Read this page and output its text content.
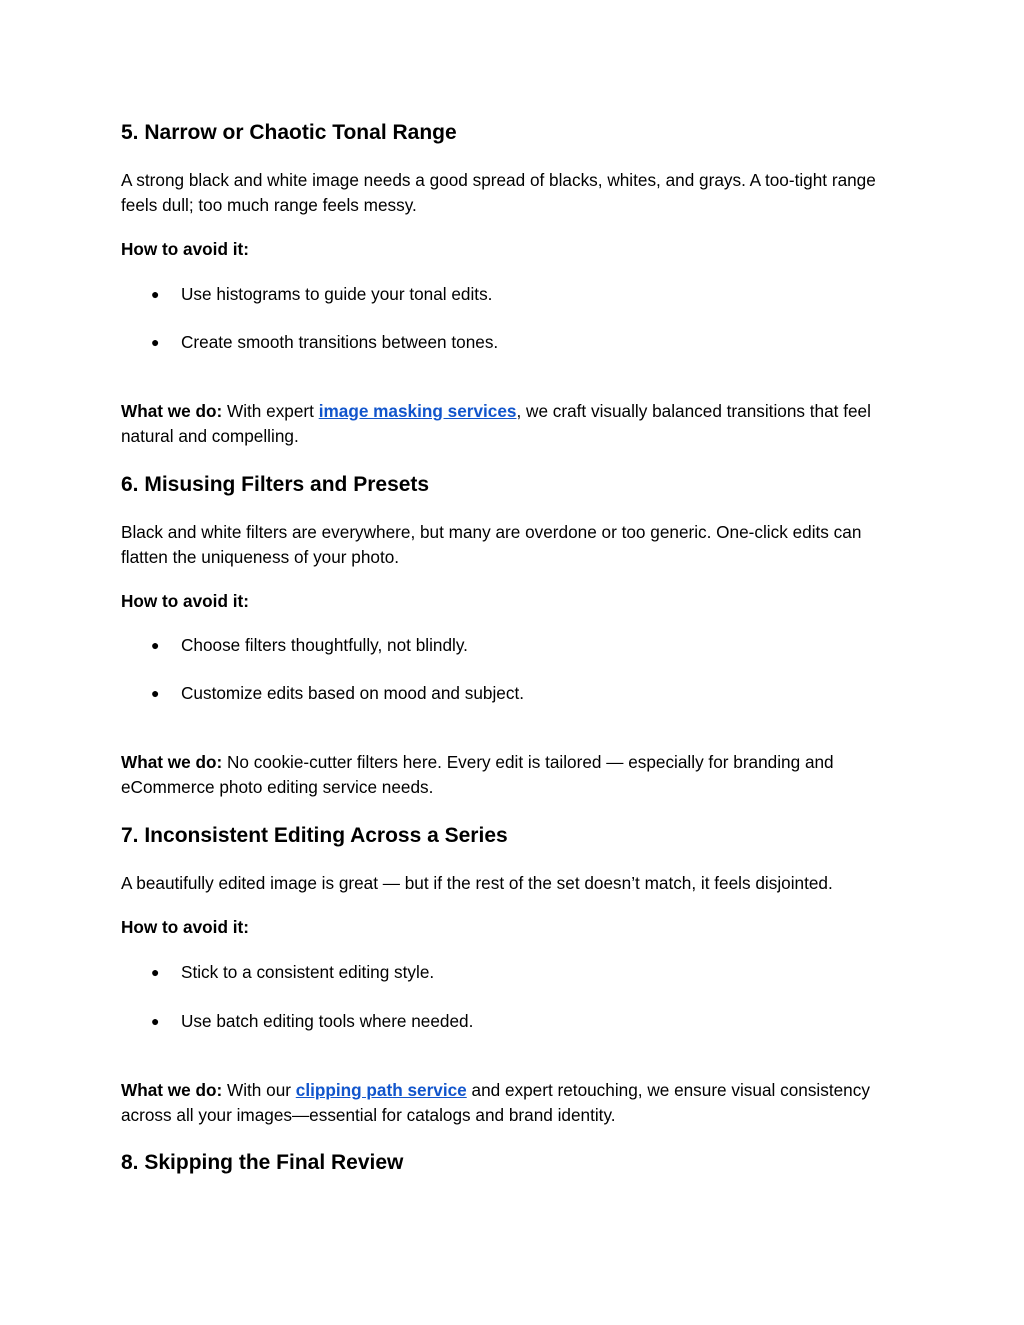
5. Narrow or Chaotic Tonal Range

A strong black and white image needs a good spread of blacks, whites, and grays. A too-tight range feels dull; too much range feels messy.

How to avoid it:

● Use histograms to guide your tonal edits.
● Create smooth transitions between tones.

What we do: With expert image masking services, we craft visually balanced transitions that feel natural and compelling.

6. Misusing Filters and Presets

Black and white filters are everywhere, but many are overdone or too generic. One-click edits can flatten the uniqueness of your photo.

How to avoid it:

● Choose filters thoughtfully, not blindly.
● Customize edits based on mood and subject.

What we do: No cookie-cutter filters here. Every edit is tailored — especially for branding and eCommerce photo editing service needs.

7. Inconsistent Editing Across a Series

A beautifully edited image is great — but if the rest of the set doesn’t match, it feels disjointed.

How to avoid it:

● Stick to a consistent editing style.
● Use batch editing tools where needed.

What we do: With our clipping path service and expert retouching, we ensure visual consistency across all your images—essential for catalogs and brand identity.

8. Skipping the Final Review
